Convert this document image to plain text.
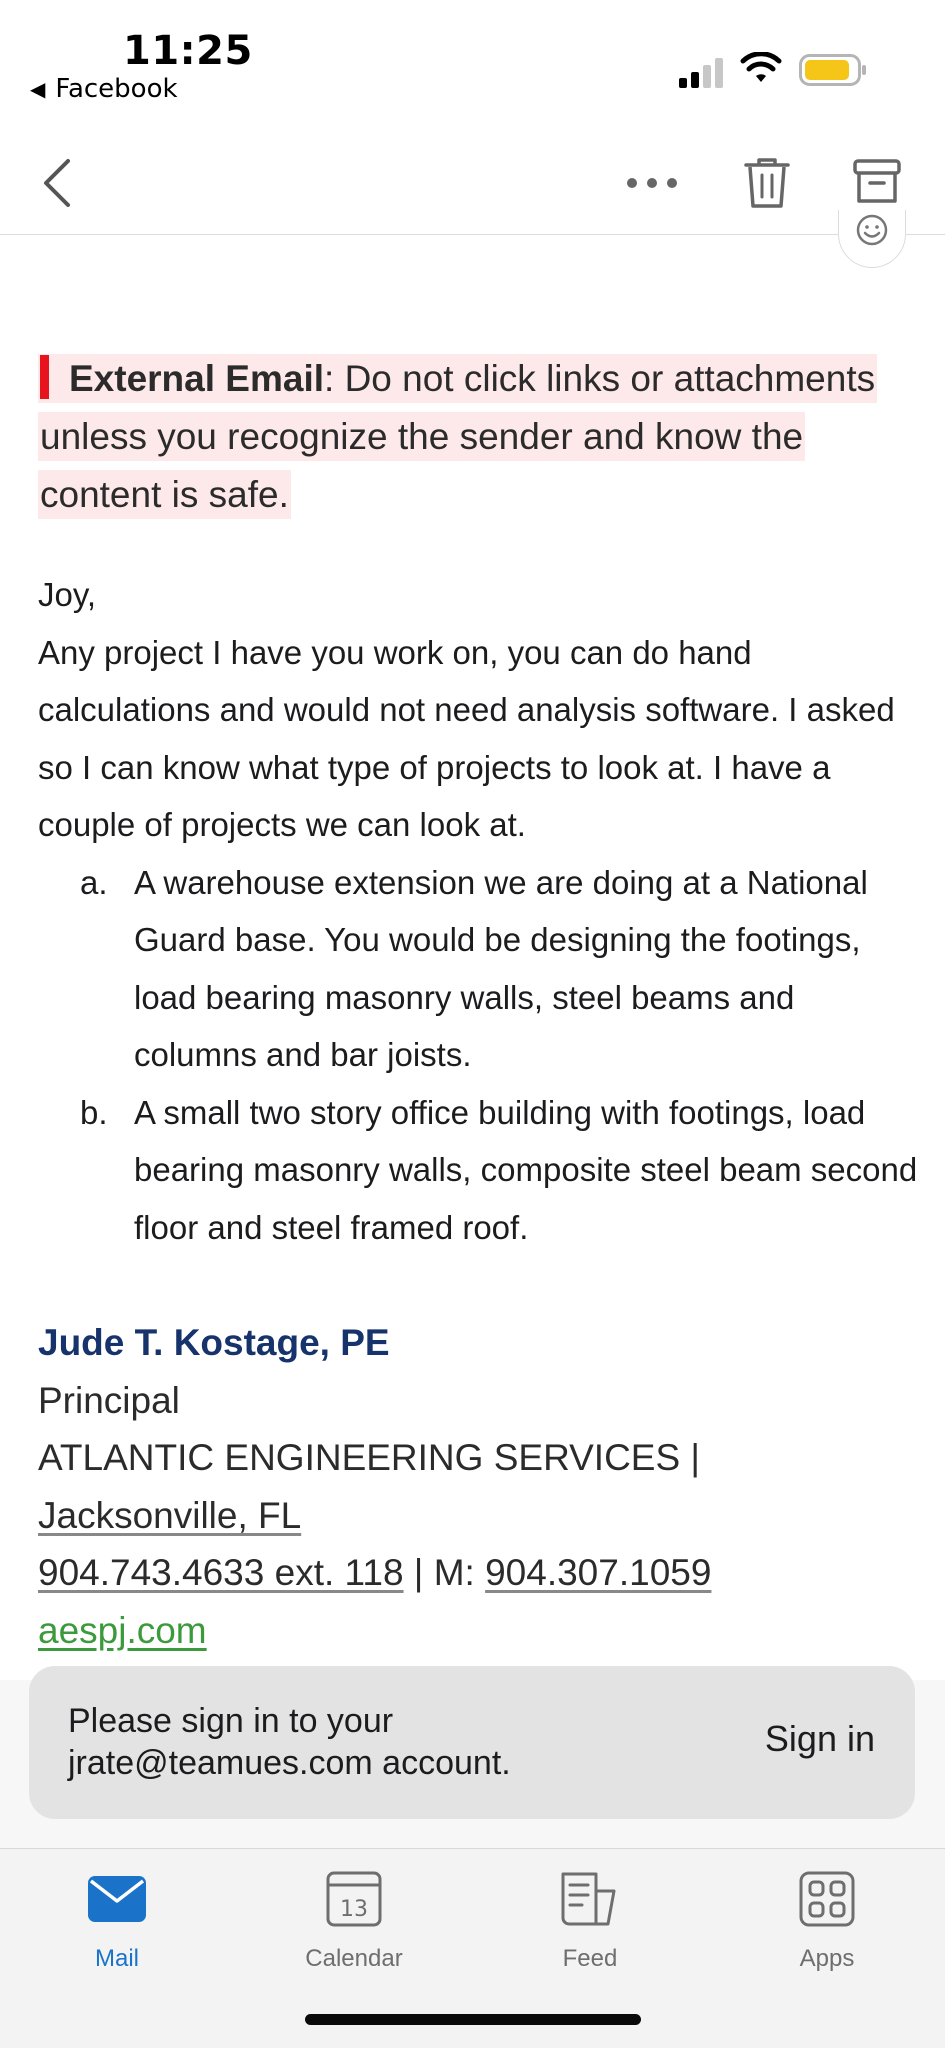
11:25
◀ Facebook
External Email: Do not click links or attachments unless you recognize the sender and know the content is safe.
Joy,
Any project I have you work on, you can do hand calculations and would not need analysis software. I asked so I can know what type of projects to look at. I have a couple of projects we can look at.
a. A warehouse extension we are doing at a National Guard base. You would be designing the footings, load bearing masonry walls, steel beams and columns and bar joists.
b. A small two story office building with footings, load bearing masonry walls, composite steel beam second floor and steel framed roof.
Jude T. Kostage, PE
Principal
ATLANTIC ENGINEERING SERVICES |
Jacksonville, FL
904.743.4633 ext. 118 | M: 904.307.1059
aespj.com
Please sign in to your jrate@teamues.com account.
Sign in
Mail
13
Calendar	Feed	Apps
